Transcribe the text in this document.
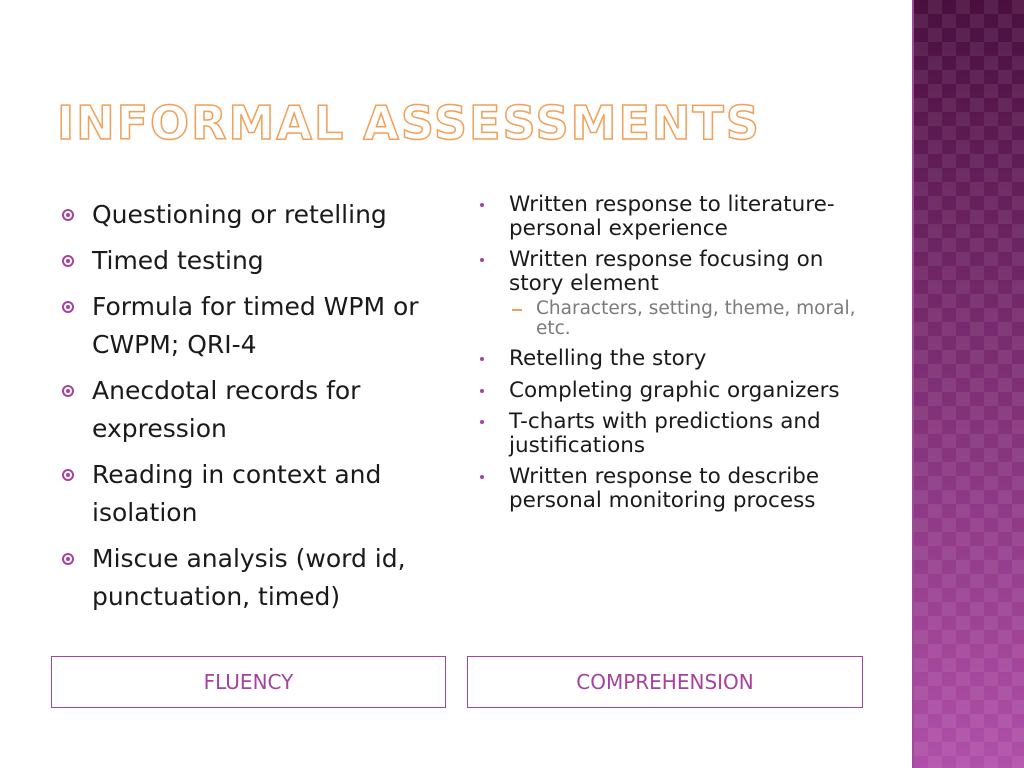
INFORMAL ASSESSMENTS
Questioning or retelling
Timed testing
Formula for timed WPM or CWPM; QRI-4
Anecdotal records for expression
Reading in context and isolation
Miscue analysis (word id, punctuation, timed)
Written response to literature- personal experience
Written response focusing on story element
Characters, setting, theme, moral, etc.
Retelling the story
Completing graphic organizers
T-charts with predictions and justifications
Written response to describe personal monitoring process
FLUENCY	COMPREHENSION
